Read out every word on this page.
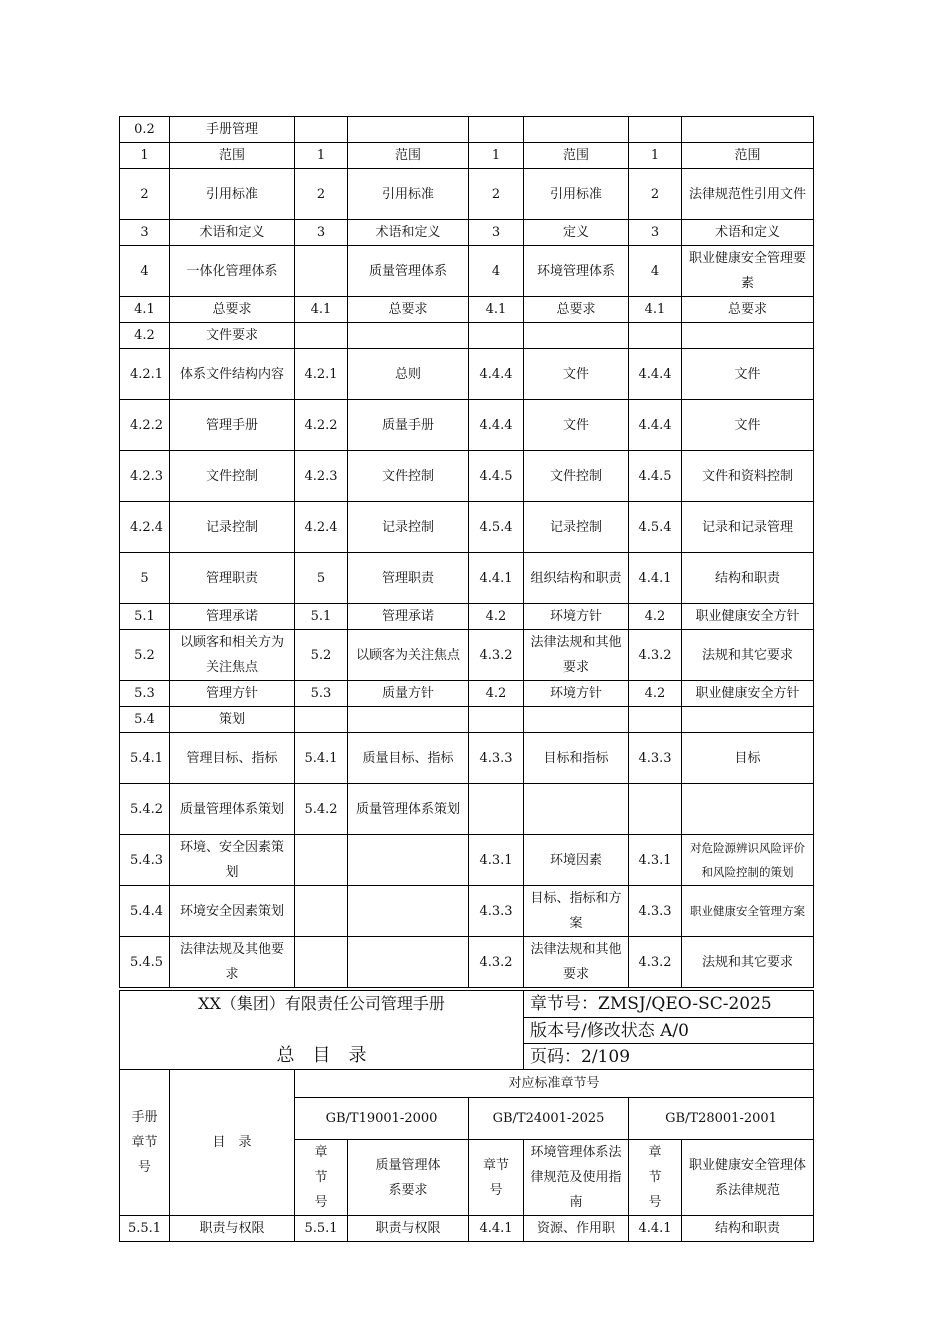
0.2	手册管理						
1	范围	1	范围	1	范围	1	范围
2	引用标准	2	引用标准	2	引用标准	2	法律规范性引用文件
3	术语和定义	3	术语和定义	3	定义	3	术语和定义
4	一体化管理体系		质量管理体系	4	环境管理体系	4	职业健康安全管理要素
4.1	总要求	4.1	总要求	4.1	总要求	4.1	总要求
4.2	文件要求						
4.2.1	体系文件结构内容	4.2.1	总则	4.4.4	文件	4.4.4	文件
4.2.2	管理手册	4.2.2	质量手册	4.4.4	文件	4.4.4	文件
4.2.3	文件控制	4.2.3	文件控制	4.4.5	文件控制	4.4.5	文件和资料控制
4.2.4	记录控制	4.2.4	记录控制	4.5.4	记录控制	4.5.4	记录和记录管理
5	管理职责	5	管理职责	4.4.1	组织结构和职责	4.4.1	结构和职责
5.1	管理承诺	5.1	管理承诺	4.2	环境方针	4.2	职业健康安全方针
5.2	以顾客和相关方为关注焦点	5.2	以顾客为关注焦点	4.3.2	法律法规和其他要求	4.3.2	法规和其它要求
5.3	管理方针	5.3	质量方针	4.2	环境方针	4.2	职业健康安全方针
5.4	策划						
5.4.1	管理目标、指标	5.4.1	质量目标、指标	4.3.3	目标和指标	4.3.3	目标
5.4.2	质量管理体系策划	5.4.2	质量管理体系策划				
5.4.3	环境、安全因素策划			4.3.1	环境因素	4.3.1	对危险源辨识风险评价和风险控制的策划
5.4.4	环境安全因素策划			4.3.3	目标、指标和方案	4.3.3	职业健康安全管理方案
5.4.5	法律法规及其他要求			4.3.2	法律法规和其他要求	4.3.2	法规和其它要求
XX（集团）有限责任公司管理手册
总　目　录					章节号：ZMSJ/QEO-SC-2025		
					版本号/修改状态 A/0		
					页码：2/109		
手册章节号	目　录	对应标准章节号					
		GB/T19001-2000		GB/T24001-2025		GB/T28001-2001	
		章节号	质量管理体系要求	章节号	环境管理体系法律规范及使用指南	章节号	职业健康安全管理体系法律规范
5.5.1	职责与权限	5.5.1	职责与权限	4.4.1	资源、作用职	4.4.1	结构和职责
